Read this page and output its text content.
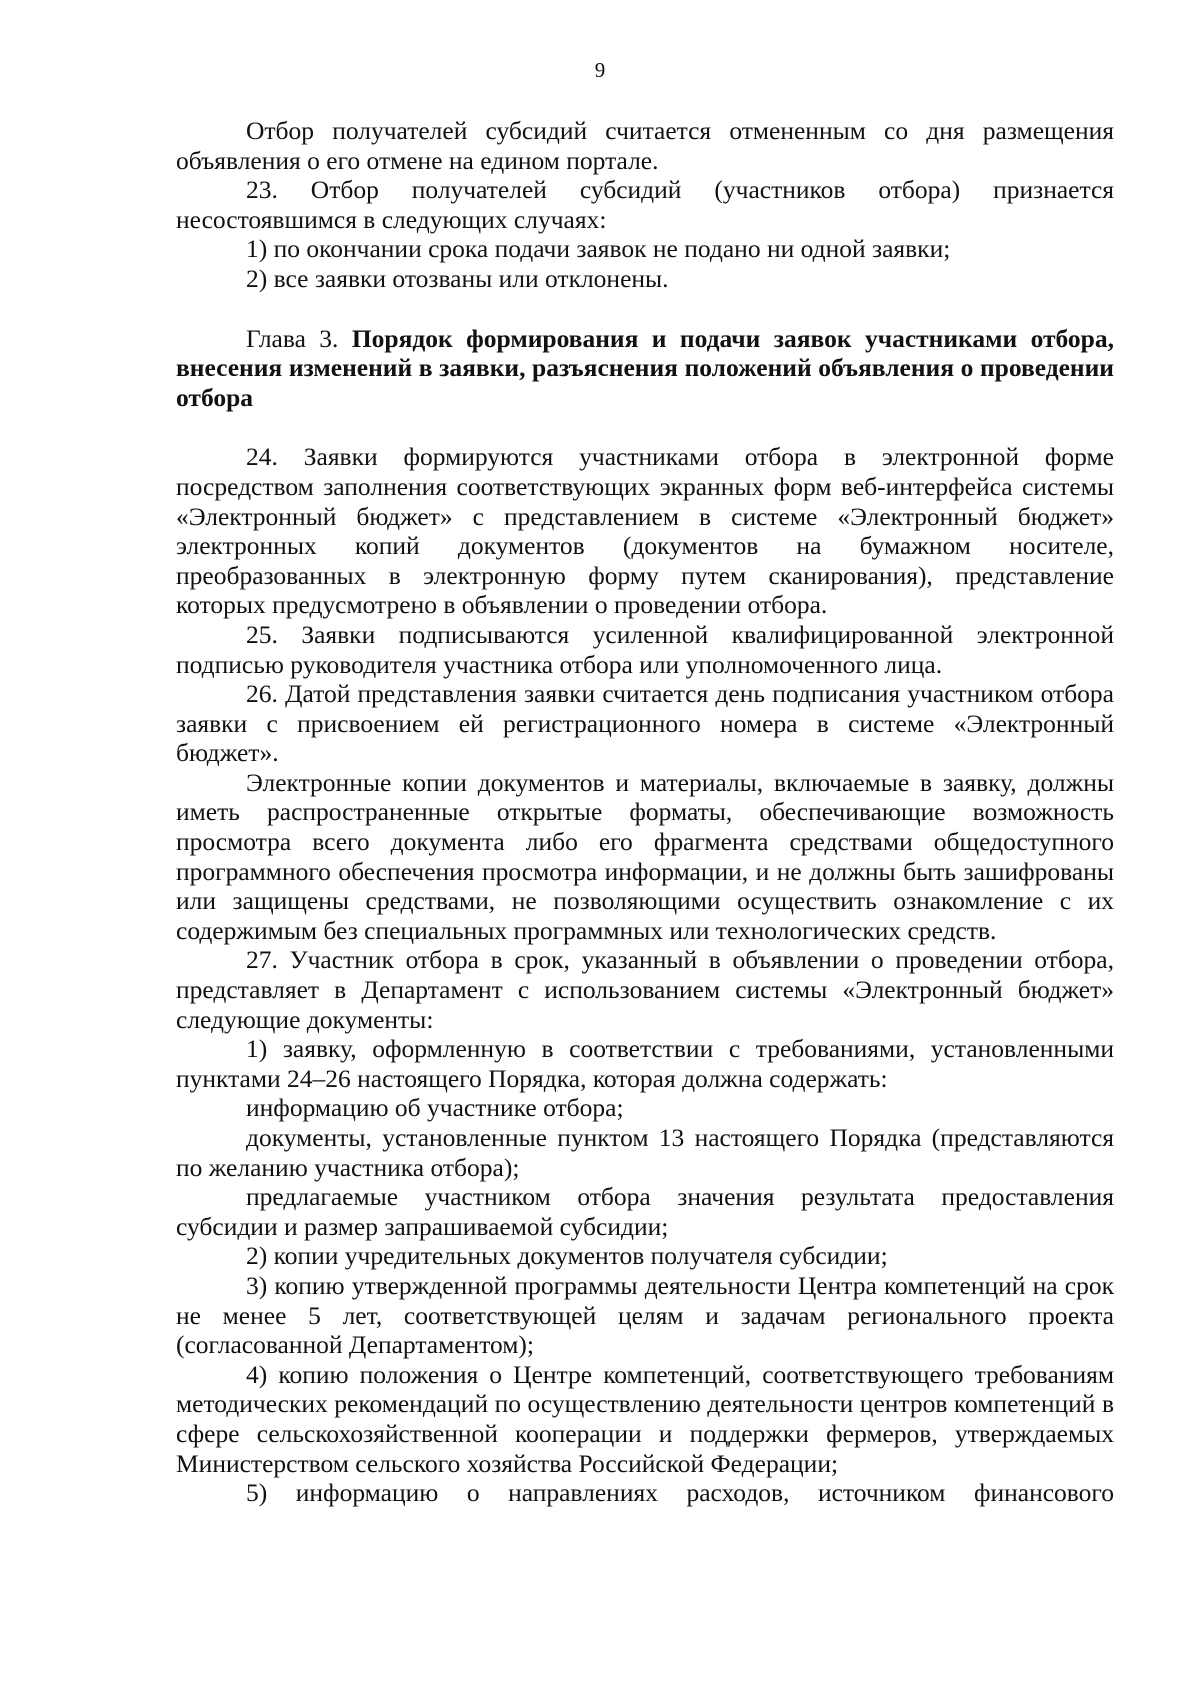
9

Отбор получателей субсидий считается отмененным со дня размещения объявления о его отмене на едином портале.

23. Отбор получателей субсидий (участников отбора) признается несостоявшимся в следующих случаях:

1) по окончании срока подачи заявок не подано ни одной заявки;

2) все заявки отозваны или отклонены.

Глава 3. Порядок формирования и подачи заявок участниками отбора, внесения изменений в заявки, разъяснения положений объявления о проведении отбора

24. Заявки формируются участниками отбора в электронной форме посредством заполнения соответствующих экранных форм веб-интерфейса системы «Электронный бюджет» с представлением в системе «Электронный бюджет» электронных копий документов (документов на бумажном носителе, преобразованных в электронную форму путем сканирования), представление которых предусмотрено в объявлении о проведении отбора.

25. Заявки подписываются усиленной квалифицированной электронной подписью руководителя участника отбора или уполномоченного лица.

26. Датой представления заявки считается день подписания участником отбора заявки с присвоением ей регистрационного номера в системе «Электронный бюджет».

Электронные копии документов и материалы, включаемые в заявку, должны иметь распространенные открытые форматы, обеспечивающие возможность просмотра всего документа либо его фрагмента средствами общедоступного программного обеспечения просмотра информации, и не должны быть зашифрованы или защищены средствами, не позволяющими осуществить ознакомление с их содержимым без специальных программных или технологических средств.

27. Участник отбора в срок, указанный в объявлении о проведении отбора, представляет в Департамент с использованием системы «Электронный бюджет» следующие документы:

1) заявку, оформленную в соответствии с требованиями, установленными пунктами 24–26 настоящего Порядка, которая должна содержать:

информацию об участнике отбора;

документы, установленные пунктом 13 настоящего Порядка (представляются по желанию участника отбора);

предлагаемые участником отбора значения результата предоставления субсидии и размер запрашиваемой субсидии;

2) копии учредительных документов получателя субсидии;

3) копию утвержденной программы деятельности Центра компетенций на срок не менее 5 лет, соответствующей целям и задачам регионального проекта (согласованной Департаментом);

4) копию положения о Центре компетенций, соответствующего требованиям методических рекомендаций по осуществлению деятельности центров компетенций в сфере сельскохозяйственной кооперации и поддержки фермеров, утверждаемых Министерством сельского хозяйства Российской Федерации;

5) информацию о направлениях расходов, источником финансового
